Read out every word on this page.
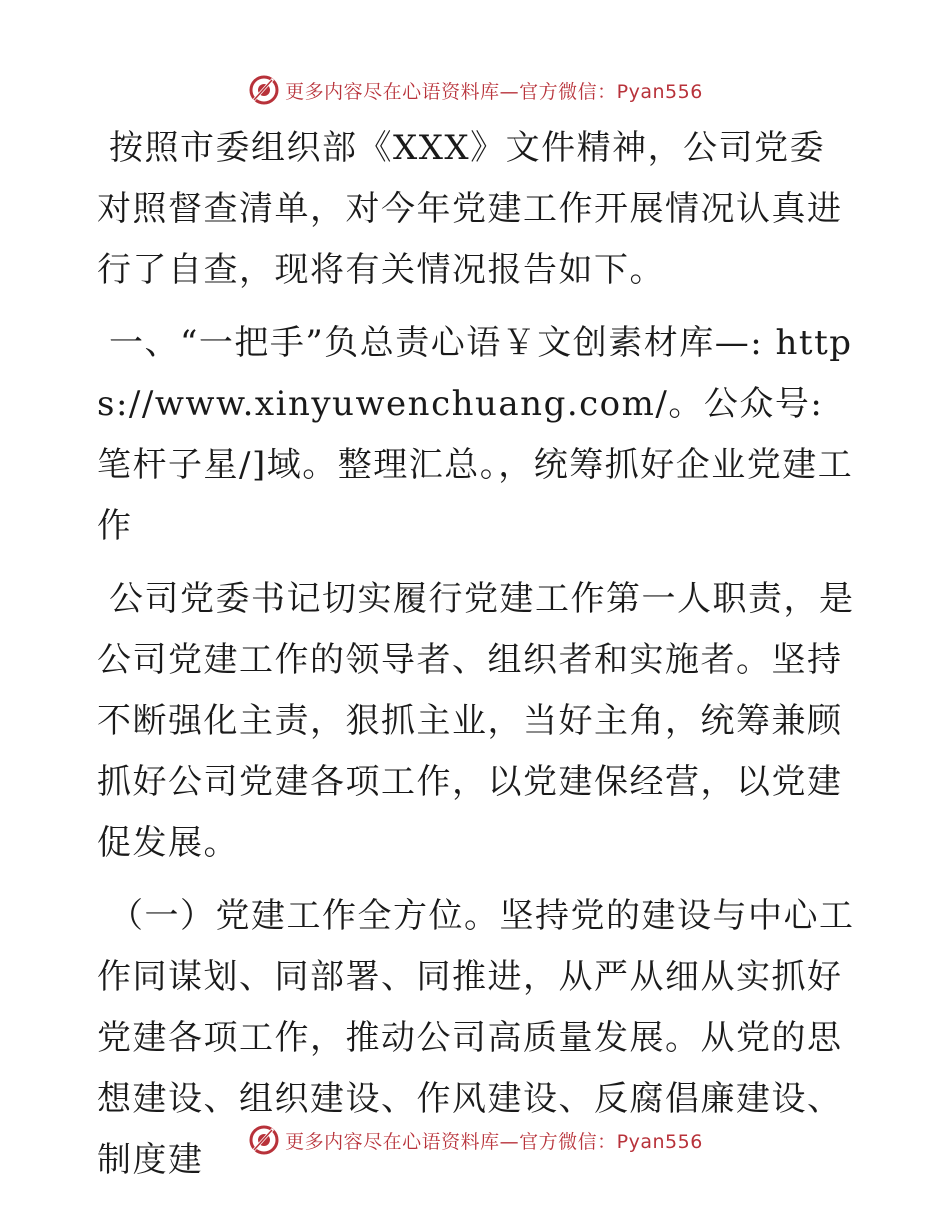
更多内容尽在心语资料库—官方微信：Pyan556

按照市委组织部《XXX》文件精神，公司党委对照督查清单，对今年党建工作开展情况认真进行了自查，现将有关情况报告如下。

一、“一把手”负总责心语￥文创素材库—: https://www.xinyuwenchuang.com/。公众号: 笔杆子星/]域。整理汇总。，统筹抓好企业党建工作

公司党委书记切实履行党建工作第一人职责，是公司党建工作的领导者、组织者和实施者。坚持不断强化主责，狠抓主业，当好主角，统筹兼顾抓好公司党建各项工作，以党建保经营，以党建促发展。

（一）党建工作全方位。坚持党的建设与中心工作同谋划、同部署、同推进，从严从细从实抓好党建各项工作，推动公司高质量发展。从党的思想建设、组织建设、作风建设、反腐倡廉建设、制度建	更多内容尽在心语资料库—官方微信：Pyan556
